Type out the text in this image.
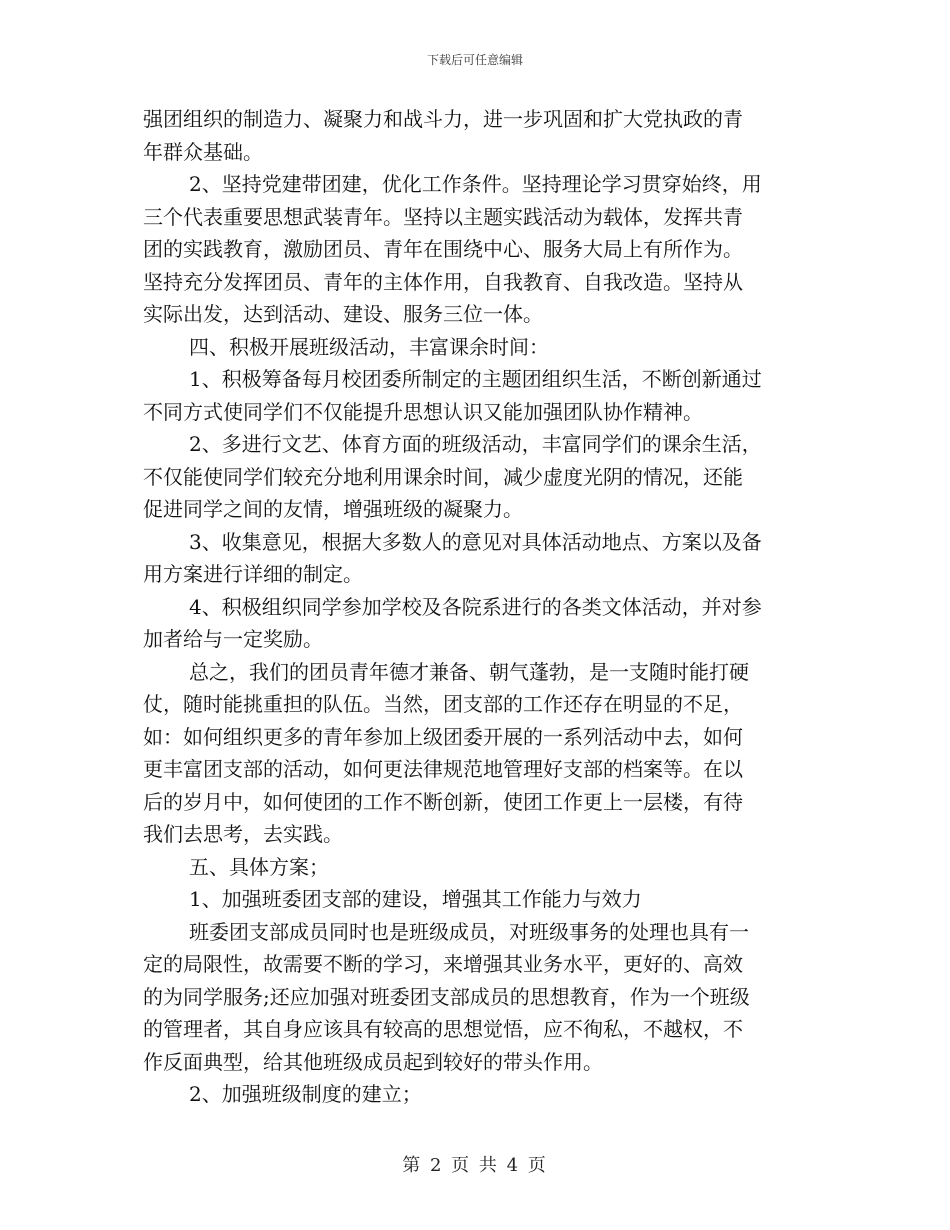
下载后可任意编辑
强团组织的制造力、凝聚力和战斗力，进一步巩固和扩大党执政的青
年群众基础。
2、坚持党建带团建，优化工作条件。坚持理论学习贯穿始终，用
三个代表重要思想武装青年。坚持以主题实践活动为载体，发挥共青
团的实践教育，激励团员、青年在围绕中心、服务大局上有所作为。
坚持充分发挥团员、青年的主体作用，自我教育、自我改造。坚持从
实际出发，达到活动、建设、服务三位一体。
四、积极开展班级活动，丰富课余时间：
1、积极筹备每月校团委所制定的主题团组织生活，不断创新通过
不同方式使同学们不仅能提升思想认识又能加强团队协作精神。
2、多进行文艺、体育方面的班级活动，丰富同学们的课余生活，
不仅能使同学们较充分地利用课余时间，减少虚度光阴的情况，还能
促进同学之间的友情，增强班级的凝聚力。
3、收集意见，根据大多数人的意见对具体活动地点、方案以及备
用方案进行详细的制定。
4、积极组织同学参加学校及各院系进行的各类文体活动，并对参
加者给与一定奖励。
总之，我们的团员青年德才兼备、朝气蓬勃，是一支随时能打硬
仗，随时能挑重担的队伍。当然，团支部的工作还存在明显的不足，
如：如何组织更多的青年参加上级团委开展的一系列活动中去，如何
更丰富团支部的活动，如何更法律规范地管理好支部的档案等。在以
后的岁月中，如何使团的工作不断创新，使团工作更上一层楼，有待
我们去思考，去实践。
五、具体方案；
1、加强班委团支部的建设，增强其工作能力与效力
班委团支部成员同时也是班级成员，对班级事务的处理也具有一
定的局限性，故需要不断的学习，来增强其业务水平，更好的、高效
的为同学服务;还应加强对班委团支部成员的思想教育，作为一个班级
的管理者，其自身应该具有较高的思想觉悟，应不徇私，不越权，不
作反面典型，给其他班级成员起到较好的带头作用。
2、加强班级制度的建立；
第 2 页 共 4 页
